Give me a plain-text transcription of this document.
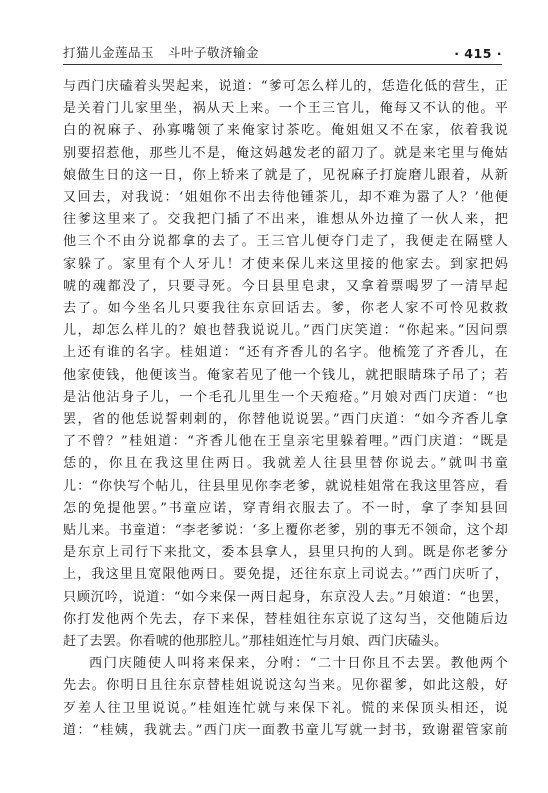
打猫儿金莲品玉 斗叶子敬济输金	· 415 ·
与西门庆磕着头哭起来，说道：“爹可怎么样儿的，恁造化低的营生，正
是关着门儿家里坐，祸从天上来。一个王三官儿，俺每又不认的他。平
白的祝麻子、孙寡嘴领了来俺家讨茶吃。俺姐姐又不在家，依着我说
别要招惹他，那些儿不是，俺这妈越发老的韶刀了。就是来宅里与俺姑
娘做生日的这一日，你上轿来了就是了，见祝麻子打旋磨儿跟着，从新
又回去，对我说：‘姐姐你不出去待他锺茶儿，却不难为嚣了人？’他便
往爹这里来了。交我把门插了不出来，谁想从外边撞了一伙人来，把
他三个不由分说都拿的去了。王三官儿便夺门走了，我便走在隔壁人
家躲了。家里有个人牙儿！才使来保儿来这里接的他家去。到家把妈
唬的魂都没了，只要寻死。今日县里皂隶，又拿着票喝罗了一清早起
去了。如今坐名儿只要我往东京回话去。爹，你老人家不可怜见救救
儿，却怎么样儿的？娘也替我说说儿。”西门庆笑道：“你起来。”因问票
上还有谁的名字。桂姐道：“还有齐香儿的名字。他梳笼了齐香儿，在
他家使钱，他便该当。俺家若见了他一个钱儿，就把眼睛珠子吊了；若
是沾他沾身子儿，一个毛孔儿里生一个天疱疮。”月娘对西门庆道：“也
罢，省的他恁说誓剌剌的，你替他说说罢。”西门庆道：“如今齐香儿拿
了不曾？”桂姐道：“齐香儿他在王皇亲宅里躲着哩。”西门庆道：“既是
恁的，你且在我这里住两日。我就差人往县里替你说去。”就叫书童
儿：“你快写个帖儿，往县里见你李老爹，就说桂姐常在我这里答应，看
怎的免提他罢。”书童应诺，穿青绢衣服去了。不一时，拿了李知县回
贴儿来。书童道：“李老爹说：‘多上覆你老爹，别的事无不领命，这个却
是东京上司行下来批文，委本县拿人，县里只拘的人到。既是你老爹分
上，我这里且宽限他两日。要免提，还往东京上司说去。’”西门庆听了，
只顾沉吟，说道：“如今来保一两日起身，东京没人去。”月娘道：“也罢，
你打发他两个先去，存下来保，替桂姐往东京说了这勾当，交他随后边
赶了去罢。你看唬的他那腔儿。”那桂姐连忙与月娘、西门庆磕头。
西门庆随使人叫将来保来，分咐：“二十日你且不去罢。教他两个
先去。你明日且往东京替桂姐说说这勾当来。见你翟爹，如此这般，好
歹差人往卫里说说。”桂姐连忙就与来保下礼。慌的来保顶头相还，说
道：“桂姨，我就去。”西门庆一面教书童儿写就一封书，致谢翟管家前
